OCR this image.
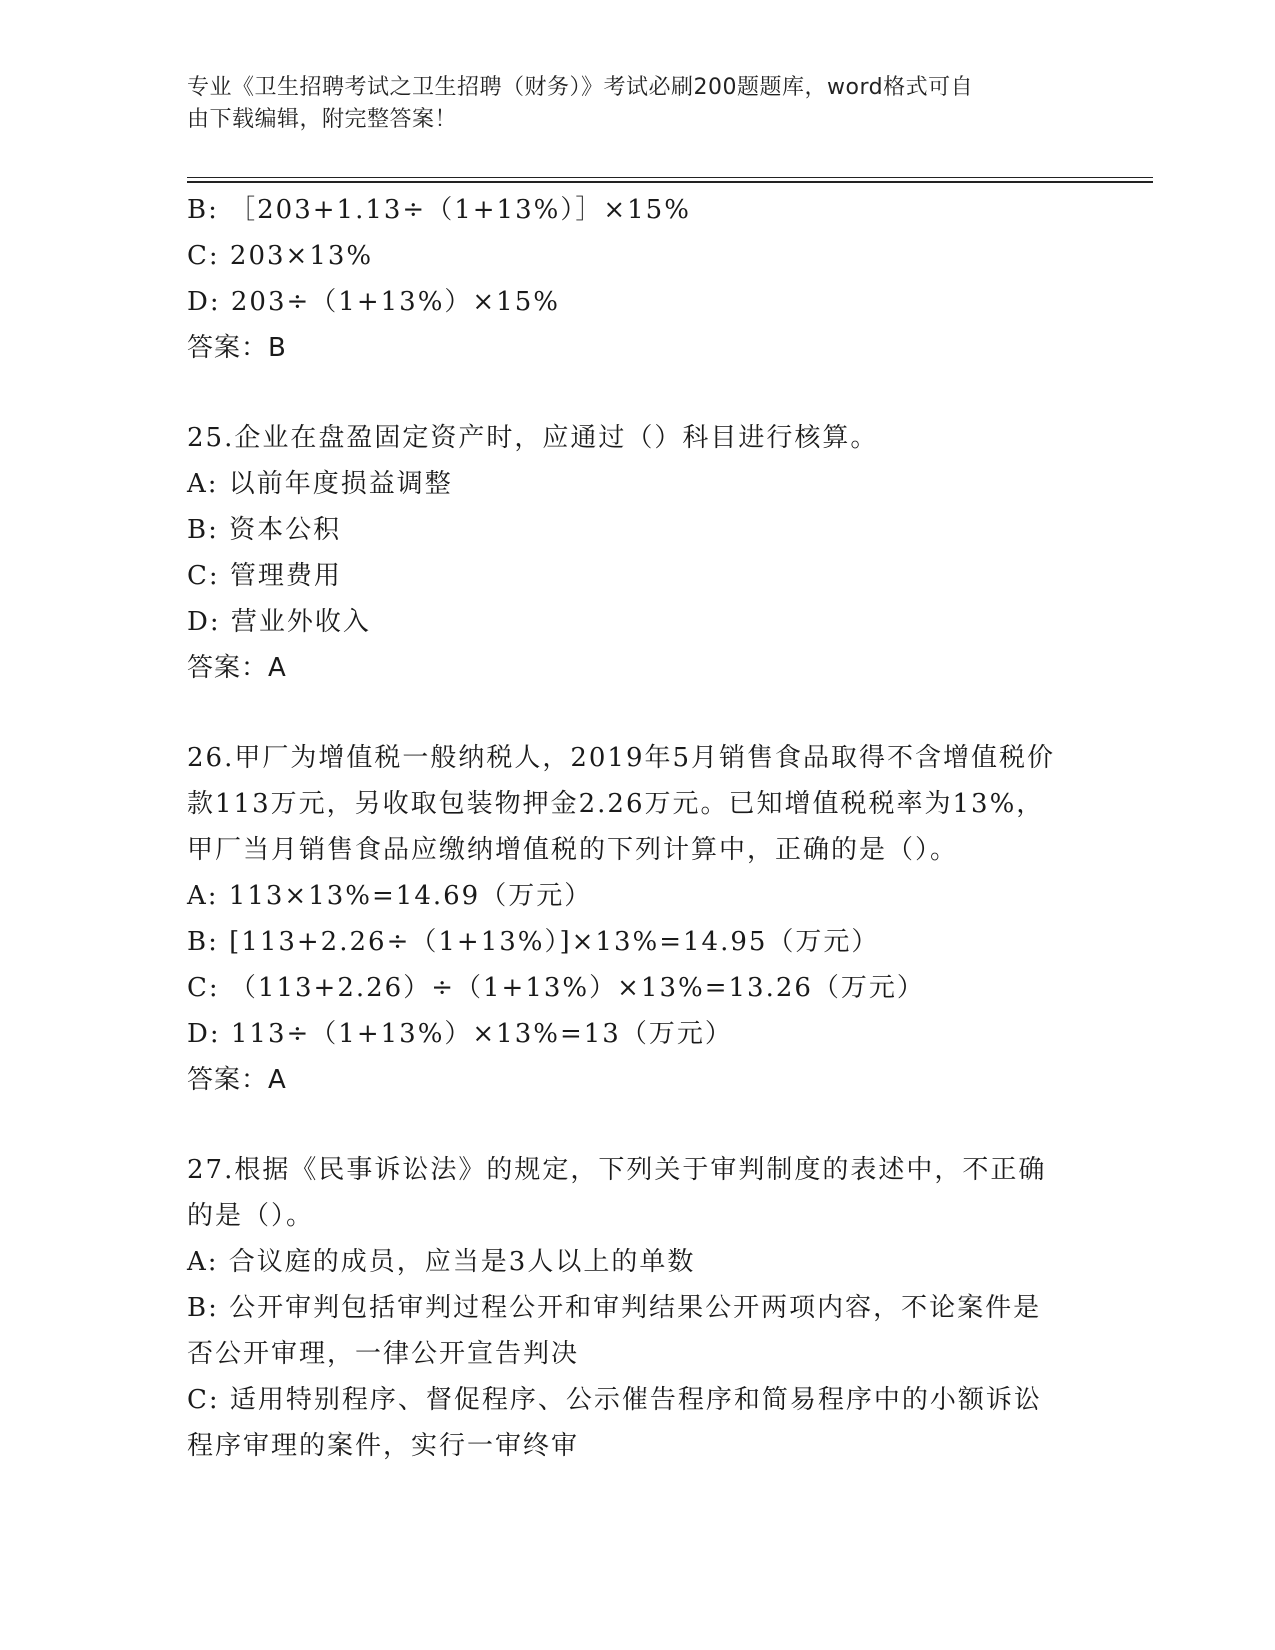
专业《卫生招聘考试之卫生招聘（财务）》考试必刷200题题库，word格式可自
由下载编辑，附完整答案！
B: ［203+1.13÷（1+13%）］×15%
C: 203×13%
D: 203÷（1+13%）×15%
答案：B
25.企业在盘盈固定资产时，应通过（）科目进行核算。
A: 以前年度损益调整
B: 资本公积
C: 管理费用
D: 营业外收入
答案：A
26.甲厂为增值税一般纳税人，2019年5月销售食品取得不含增值税价
款113万元，另收取包装物押金2.26万元。已知增值税税率为13%，
甲厂当月销售食品应缴纳增值税的下列计算中，正确的是（）。
A: 113×13%=14.69（万元）
B: [113+2.26÷（1+13%）]×13%=14.95（万元）
C: （113+2.26）÷（1+13%）×13%=13.26（万元）
D: 113÷（1+13%）×13%=13（万元）
答案：A
27.根据《民事诉讼法》的规定，下列关于审判制度的表述中，不正确
的是（）。
A: 合议庭的成员，应当是3人以上的单数
B: 公开审判包括审判过程公开和审判结果公开两项内容，不论案件是
否公开审理，一律公开宣告判决
C: 适用特别程序、督促程序、公示催告程序和简易程序中的小额诉讼
程序审理的案件，实行一审终审
